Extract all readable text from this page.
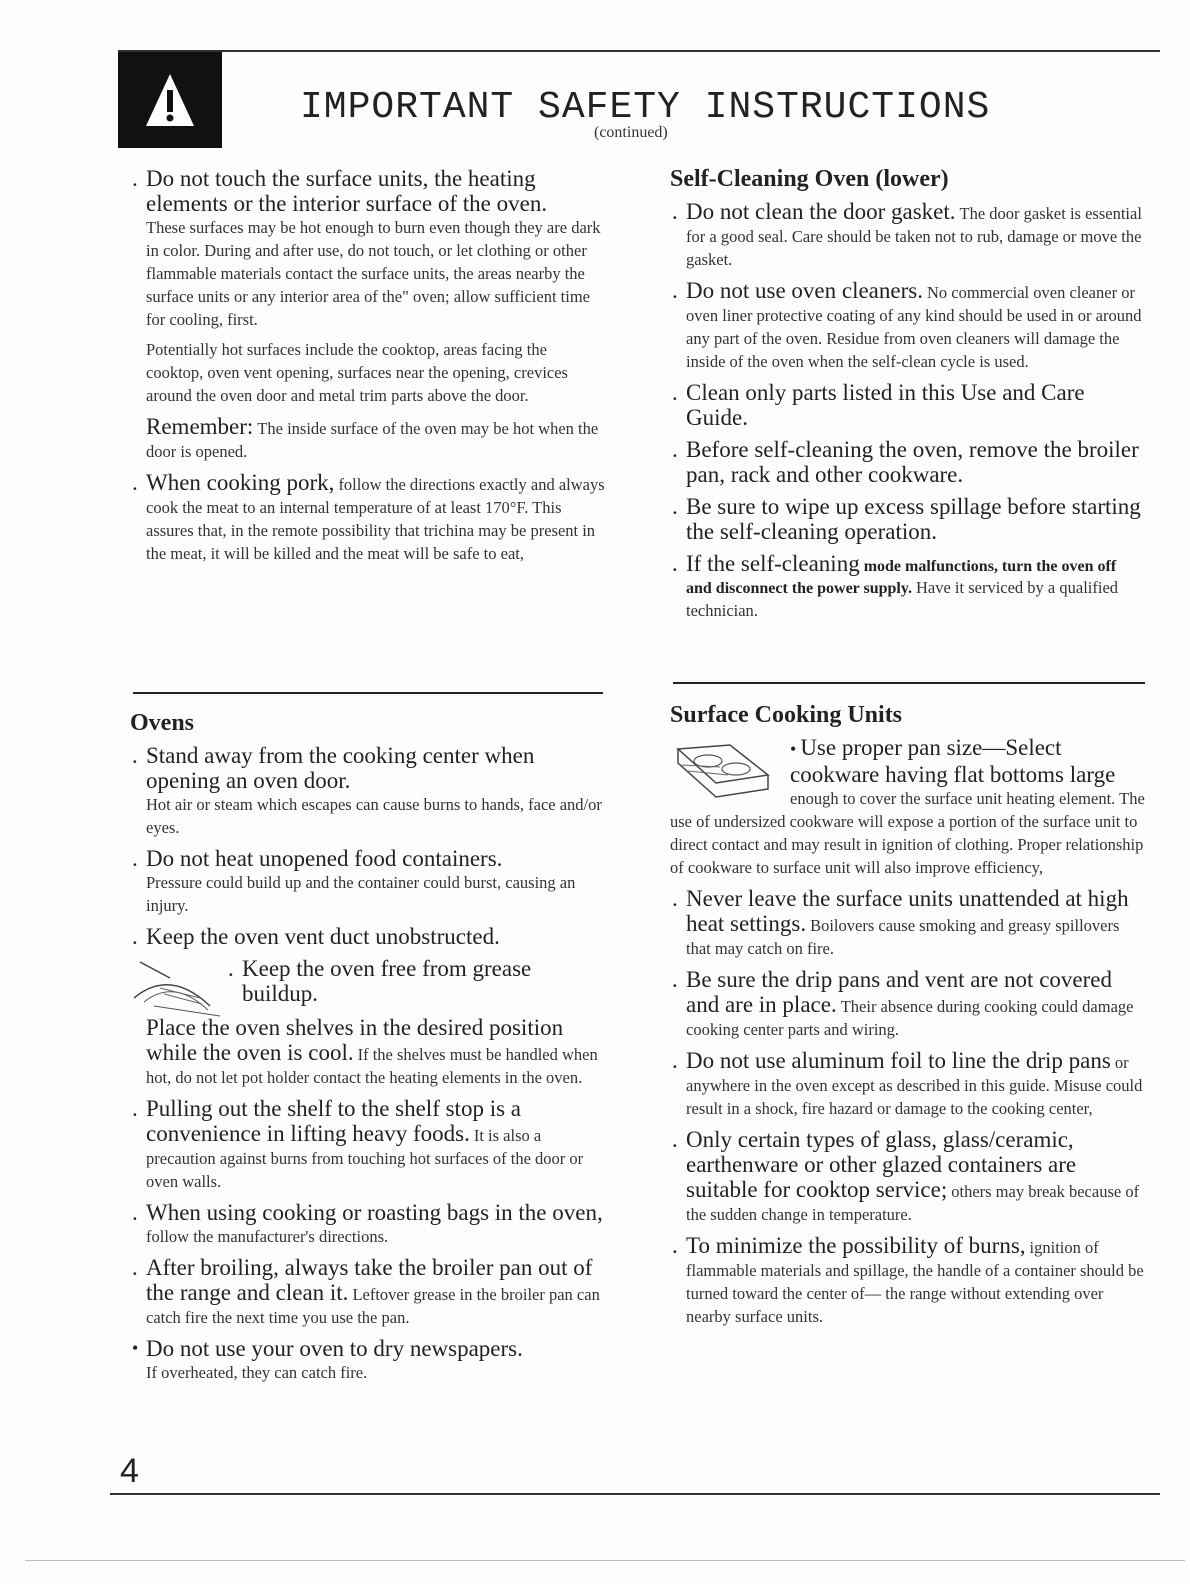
IMPORTANT SAFETY INSTRUCTIONS
(continued)
. Do not touch the surface units, the heating elements or the interior surface of the oven.
These surfaces may be hot enough to burn even though they are dark in color. During and after use, do not touch, or let clothing or other flammable materials contact the surface units, the areas nearby the surface units or any interior area of the" oven; allow sufficient time for cooling, first.
Potentially hot surfaces include the cooktop, areas facing the cooktop, oven vent opening, surfaces near the opening, crevices around the oven door and metal trim parts above the door.
Remember: The inside surface of the oven may be hot when the door is opened.
. When cooking pork, follow the directions exactly and always cook the meat to an internal temperature of at least 170°F. This assures that, in the remote possibility that trichina may be present in the meat, it will be killed and the meat will be safe to eat,
Ovens
. Stand away from the cooking center when opening an oven door.
Hot air or steam which escapes can cause burns to hands, face and/or eyes.
. Do not heat unopened food containers.
Pressure could build up and the container could burst, causing an injury.
. Keep the oven vent duct unobstructed.
. Keep the oven free from grease buildup.
Place the oven shelves in the desired position while the oven is cool. If the shelves must be handled when hot, do not let pot holder contact the heating elements in the oven.
. Pulling out the shelf to the shelf stop is a convenience in lifting heavy foods. It is also a precaution against burns from touching hot surfaces of the door or oven walls.
. When using cooking or roasting bags in the oven, follow the manufacturer's directions.
. After broiling, always take the broiler pan out of the range and clean it. Leftover grease in the broiler pan can catch fire the next time you use the pan.
• Do not use your oven to dry newspapers.
If overheated, they can catch fire.
Self-Cleaning Oven (lower)
. Do not clean the door gasket. The door gasket is essential for a good seal. Care should be taken not to rub, damage or move the gasket.
. Do not use oven cleaners. No commercial oven cleaner or oven liner protective coating of any kind should be used in or around any part of the oven. Residue from oven cleaners will damage the inside of the oven when the self-clean cycle is used.
. Clean only parts listed in this Use and Care Guide.
. Before self-cleaning the oven, remove the broiler pan, rack and other cookware.
. Be sure to wipe up excess spillage before starting the self-cleaning operation.
. If the self-cleaning mode malfunctions, turn the oven off and disconnect the power supply. Have it serviced by a qualified technician.
Surface Cooking Units
• Use proper pan size—Select cookware having flat bottoms large enough to cover the surface unit heating element. The use of undersized cookware will expose a portion of the surface unit to direct contact and may result in ignition of clothing. Proper relationship of cookware to surface unit will also improve efficiency,
. Never leave the surface units unattended at high heat settings. Boilovers cause smoking and greasy spillovers that may catch on fire.
. Be sure the drip pans and vent are not covered and are in place. Their absence during cooking could damage cooking center parts and wiring.
. Do not use aluminum foil to line the drip pans or anywhere in the oven except as described in this guide. Misuse could result in a shock, fire hazard or damage to the cooking center,
. Only certain types of glass, glass/ceramic, earthenware or other glazed containers are suitable for cooktop service; others may break because of the sudden change in temperature.
. To minimize the possibility of burns, ignition of flammable materials and spillage, the handle of a container should be turned toward the center of— the range without extending over nearby surface units.
4
